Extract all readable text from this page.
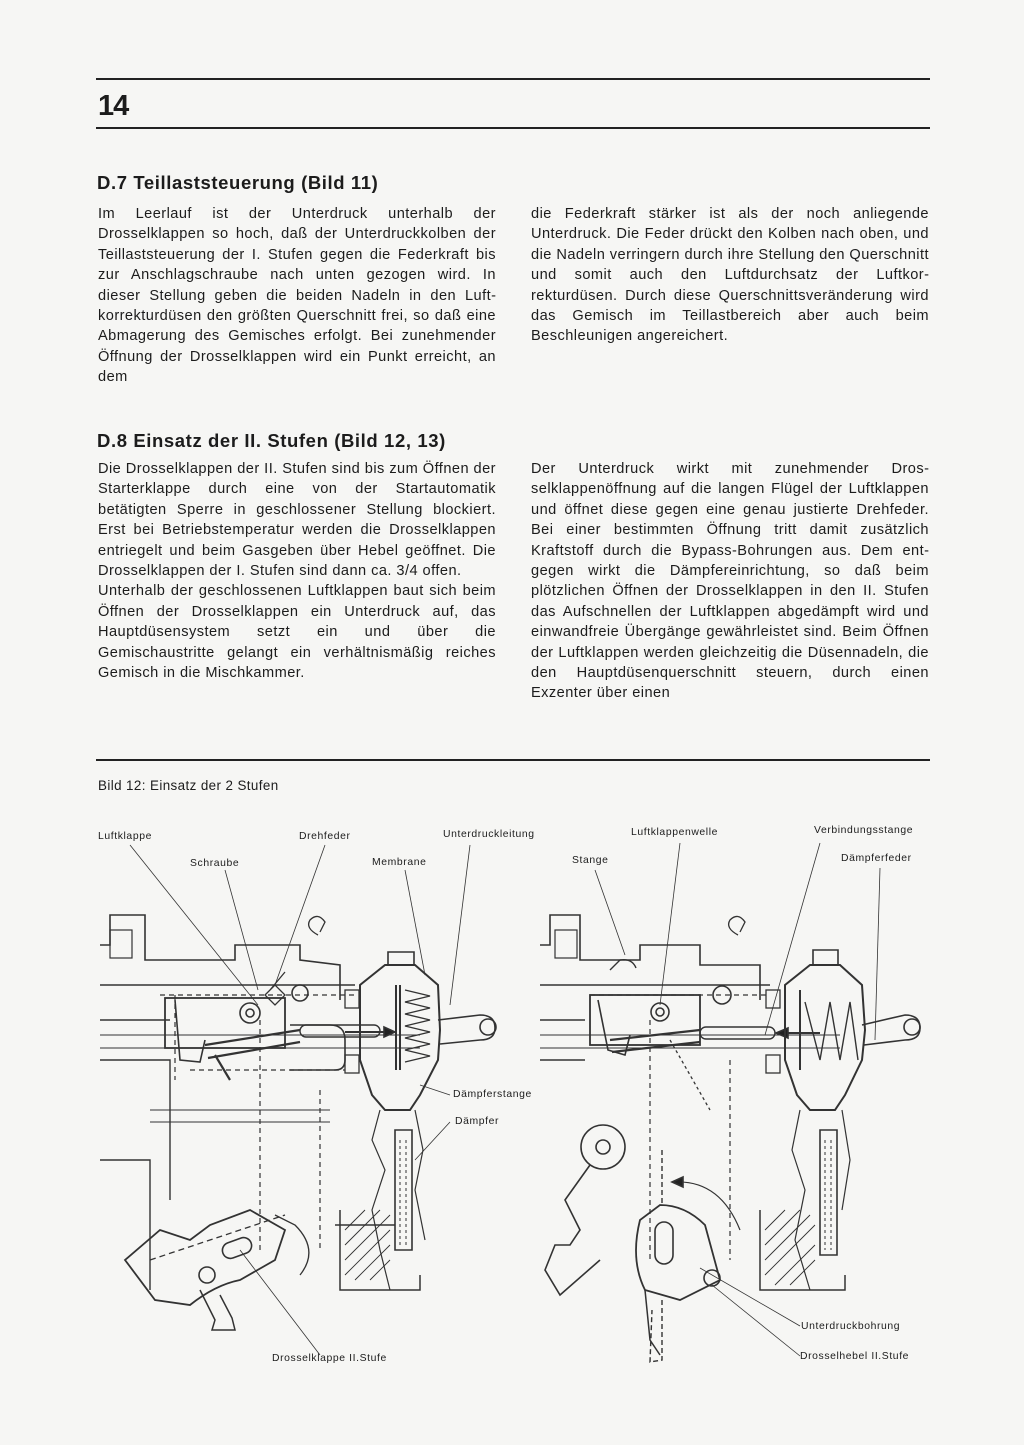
14
D.7 Teillaststeuerung (Bild 11)

Im Leerlauf ist der Unterdruck unterhalb der Drosselklappen so hoch, daß der Unterdruckkolben der Teillaststeuerung der I. Stufen gegen die Federkraft bis zur Anschlagschraube nach unten gezogen wird. In dieser Stellung geben die beiden Nadeln in den Luftkorrekturdüsen den größten Querschnitt frei, so daß eine Abmagerung des Gemisches erfolgt. Bei zunehmender Öffnung der Drosselklappen wird ein Punkt erreicht, an dem

die Federkraft stärker ist als der noch anliegende Unterdruck. Die Feder drückt den Kolben nach oben, und die Nadeln verringern durch ihre Stellung den Querschnitt und somit auch den Luftdurchsatz der Luftkorrekturdüsen. Durch diese Querschnittsveränderung wird das Gemisch im Teillastbereich aber auch beim Beschleunigen angereichert.

D.8 Einsatz der II. Stufen (Bild 12, 13)

Die Drosselklappen der II. Stufen sind bis zum Öffnen der Starterklappe durch eine von der Startautomatik betätigten Sperre in geschlossener Stellung blockiert. Erst bei Betriebstemperatur werden die Drosselklappen entriegelt und beim Gasgeben über Hebel geöffnet. Die Drosselklappen der I. Stufen sind dann ca. 3/4 offen.

Unterhalb der geschlossenen Luftklappen baut sich beim Öffnen der Drosselklappen ein Unterdruck auf, das Hauptdüsensystem setzt ein und über die Gemischaustritte gelangt ein verhältnismäßig reiches Gemisch in die Mischkammer.

Der Unterdruck wirkt mit zunehmender Drosselklappenöffnung auf die langen Flügel der Luftklappen und öffnet diese gegen eine genau justierte Drehfeder. Bei einer bestimmten Öffnung tritt damit zusätzlich Kraftstoff durch die Bypass-Bohrungen aus. Dem entgegen wirkt die Dämpfereinrichtung, so daß beim plötzlichen Öffnen der Drosselklappen in den II. Stufen das Aufschnellen der Luftklappen abgedämpft wird und einwandfreie Übergänge gewährleistet sind. Beim Öffnen der Luftklappen werden gleichzeitig die Düsennadeln, die den Hauptdüsenquerschnitt steuern, durch einen Exzenter über einen

Bild 12: Einsatz der 2 Stufen
Luftklappe	Drehfeder	Unterdruckleitung	Luftklappenwelle	Verbindungsstange
Schraube	Membrane	Stange	Dämpferfeder
Dämpferstange
Dämpfer
Drosselklappe II.Stufe
Unterdruckbohrung
Drosselhebel II.Stufe
